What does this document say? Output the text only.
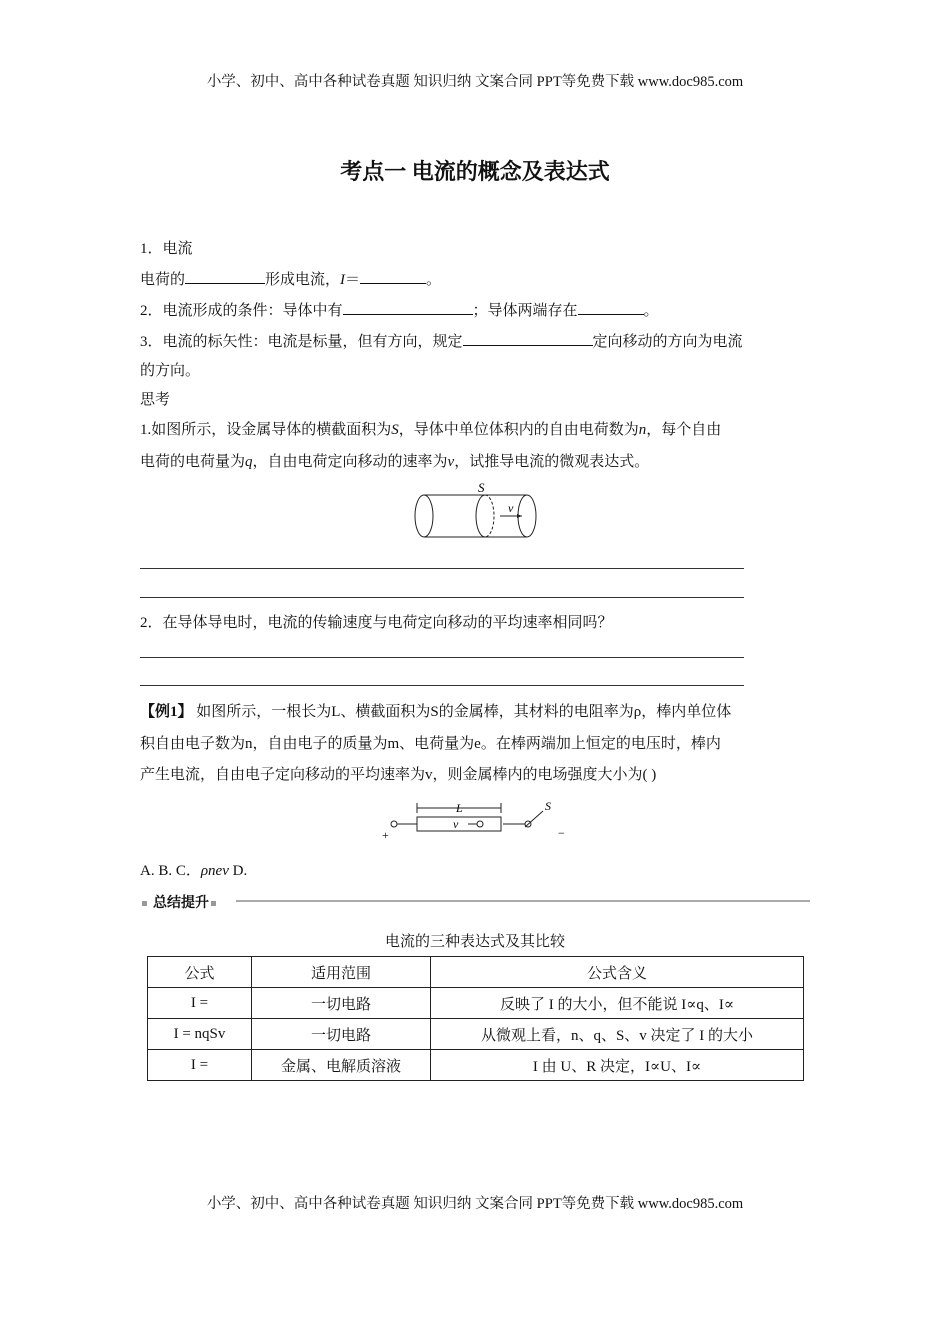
小学、初中、高中各种试卷真题 知识归纳 文案合同 PPT等免费下载 www.doc985.com
考点一 电流的概念及表达式
1．电流
电荷的	形成电流，I＝	。
2．电流形成的条件：导体中有	；导体两端存在	。
3．电流的标矢性：电流是标量，但有方向，规定	定向移动的方向为电流
的方向。
思考
1.如图所示，设金属导体的横截面积为S，导体中单位体积内的自由电荷数为n，每个自由
电荷的电荷量为q，自由电荷定向移动的速率为v，试推导电流的微观表达式。
S
v
2．在导体导电时，电流的传输速度与电荷定向移动的平均速率相同吗？
【例1】 如图所示，一根长为L、横截面积为S的金属棒，其材料的电阻率为ρ，棒内单位体
积自由电子数为n，自由电子的质量为m、电荷量为e。在棒两端加上恒定的电压时，棒内
产生电流，自由电子定向移动的平均速率为v，则金属棒内的电场强度大小为( )
L	S
v
+	−
A. B. C．ρnev D.
总结提升
电流的三种表达式及其比较
公式	适用范围	公式含义
I =	一切电路	反映了 I 的大小，但不能说 I∝q、I∝
I = nqSv	一切电路	从微观上看，n、q、S、v 决定了 I 的大小
I =	金属、电解质溶液	I 由 U、R 决定，I∝U、I∝
小学、初中、高中各种试卷真题 知识归纳 文案合同 PPT等免费下载 www.doc985.com
